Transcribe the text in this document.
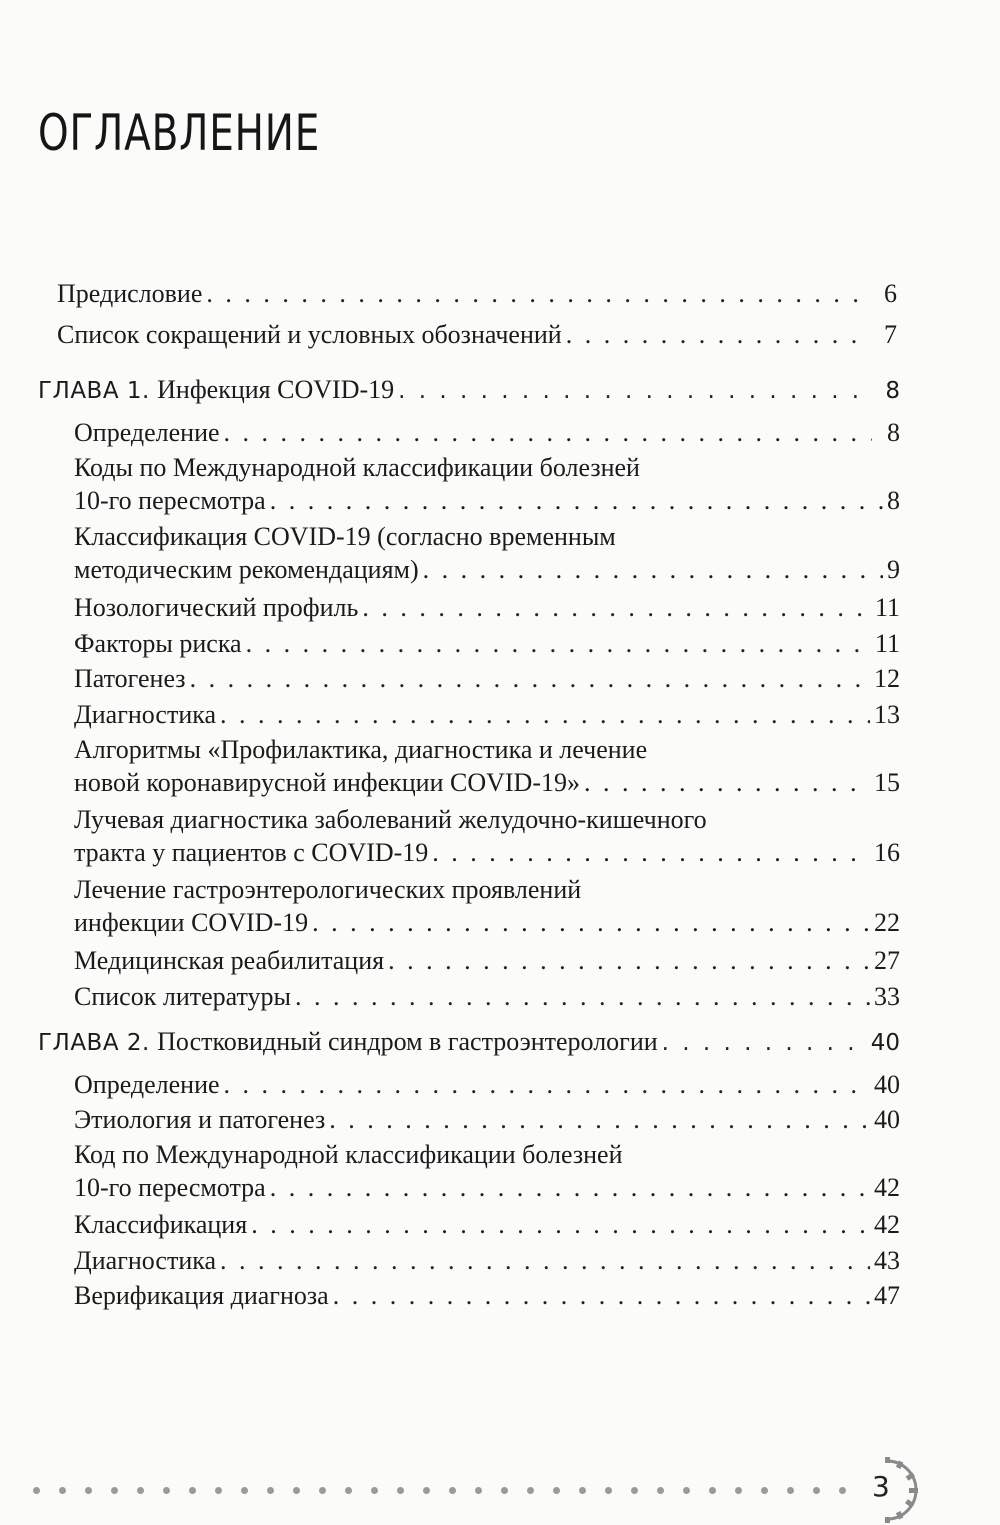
ОГЛАВЛЕНИЕ
Предисловие . . .	6
Список сокращений и условных обозначений . . .	7
ГЛАВА 1. Инфекция COVID-19 . . .	8
Определение . . .	8
Коды по Международной классификации болезней
10-го пересмотра . . .	8
Классификация COVID-19 (согласно временным
методическим рекомендациям) . . .	9
Нозологический профиль . . .	11
Факторы риска . . .	11
Патогенез . . .	12
Диагностика . . .	13
Алгоритмы «Профилактика, диагностика и лечение
новой коронавирусной инфекции COVID-19» . . .	15
Лучевая диагностика заболеваний желудочно-кишечного
тракта у пациентов с COVID-19 . . .	16
Лечение гастроэнтерологических проявлений
инфекции COVID-19 . . .	22
Медицинская реабилитация . . .	27
Список литературы . . .	33
ГЛАВА 2. Постковидный синдром в гастроэнтерологии . . .	40
Определение . . .	40
Этиология и патогенез . . .	40
Код по Международной классификации болезней
10-го пересмотра . . .	42
Классификация . . .	42
Диагностика . . .	43
Верификация диагноза . . .	47
3
